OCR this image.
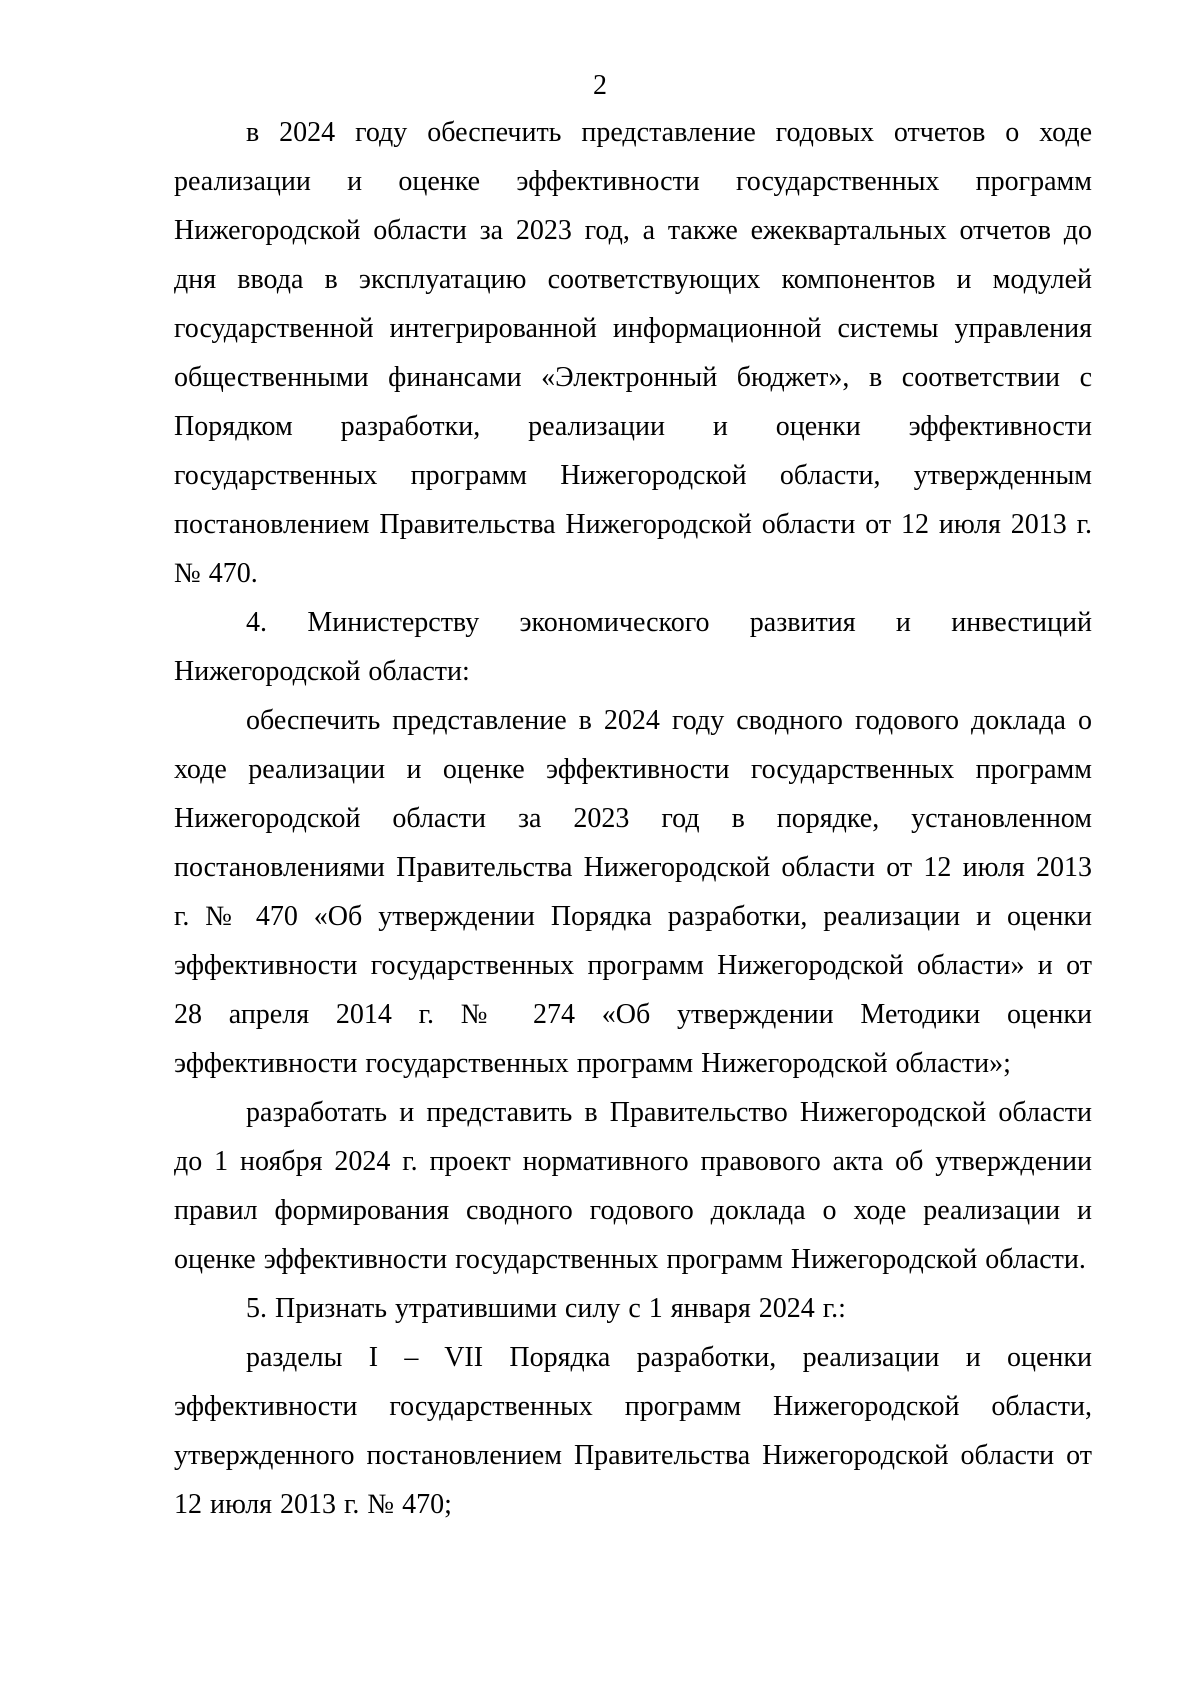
2

в 2024 году обеспечить представление годовых отчетов о ходе реализации и оценке эффективности государственных программ Нижегородской области за 2023 год, а также ежеквартальных отчетов до дня ввода в эксплуатацию соответствующих компонентов и модулей государственной интегрированной информационной системы управления общественными финансами «Электронный бюджет», в соответствии с Порядком разработки, реализации и оценки эффективности государственных программ Нижегородской области, утвержденным постановлением Правительства Нижегородской области от 12 июля 2013 г. № 470.

4. Министерству экономического развития и инвестиций Нижегородской области:

обеспечить представление в 2024 году сводного годового доклада о ходе реализации и оценке эффективности государственных программ Нижегородской области за 2023 год в порядке, установленном постановлениями Правительства Нижегородской области от 12 июля 2013 г. № 470 «Об утверждении Порядка разработки, реализации и оценки эффективности государственных программ Нижегородской области» и от 28 апреля 2014 г. № 274 «Об утверждении Методики оценки эффективности государственных программ Нижегородской области»;

разработать и представить в Правительство Нижегородской области до 1 ноября 2024 г. проект нормативного правового акта об утверждении правил формирования сводного годового доклада о ходе реализации и оценке эффективности государственных программ Нижегородской области.

5. Признать утратившими силу с 1 января 2024 г.:

разделы I – VII Порядка разработки, реализации и оценки эффективности государственных программ Нижегородской области, утвержденного постановлением Правительства Нижегородской области от 12 июля 2013 г. № 470;
